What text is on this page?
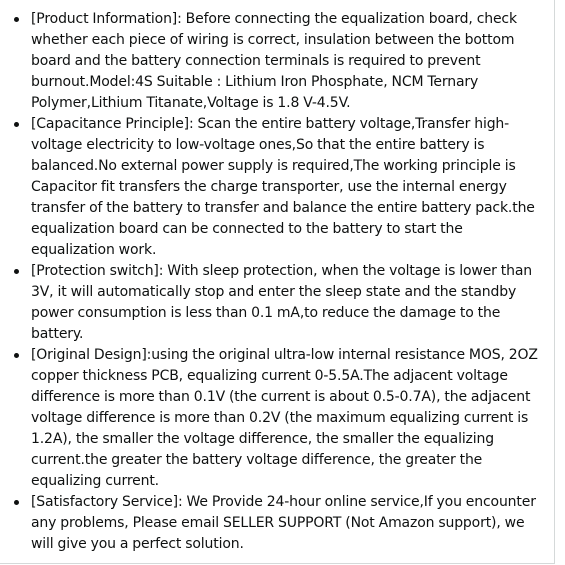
[Product Information]: Before connecting the equalization board, check whether each piece of wiring is correct, insulation between the bottom board and the battery connection terminals is required to prevent burnout.Model:4S Suitable : Lithium Iron Phosphate, NCM Ternary Polymer,Lithium Titanate,Voltage is 1.8 V-4.5V.
[Capacitance Principle]: Scan the entire battery voltage,Transfer high-voltage electricity to low-voltage ones,So that the entire battery is balanced.No external power supply is required,The working principle is Capacitor fit transfers the charge transporter, use the internal energy transfer of the battery to transfer and balance the entire battery pack.the equalization board can be connected to the battery to start the equalization work.
[Protection switch]: With sleep protection, when the voltage is lower than 3V, it will automatically stop and enter the sleep state and the standby power consumption is less than 0.1 mA,to reduce the damage to the battery.
[Original Design]:using the original ultra-low internal resistance MOS, 2OZ copper thickness PCB, equalizing current 0-5.5A.The adjacent voltage difference is more than 0.1V (the current is about 0.5-0.7A), the adjacent voltage difference is more than 0.2V (the maximum equalizing current is 1.2A), the smaller the voltage difference, the smaller the equalizing current.the greater the battery voltage difference, the greater the equalizing current.
[Satisfactory Service]: We Provide 24-hour online service,If you encounter any problems, Please email SELLER SUPPORT (Not Amazon support), we will give you a perfect solution.
